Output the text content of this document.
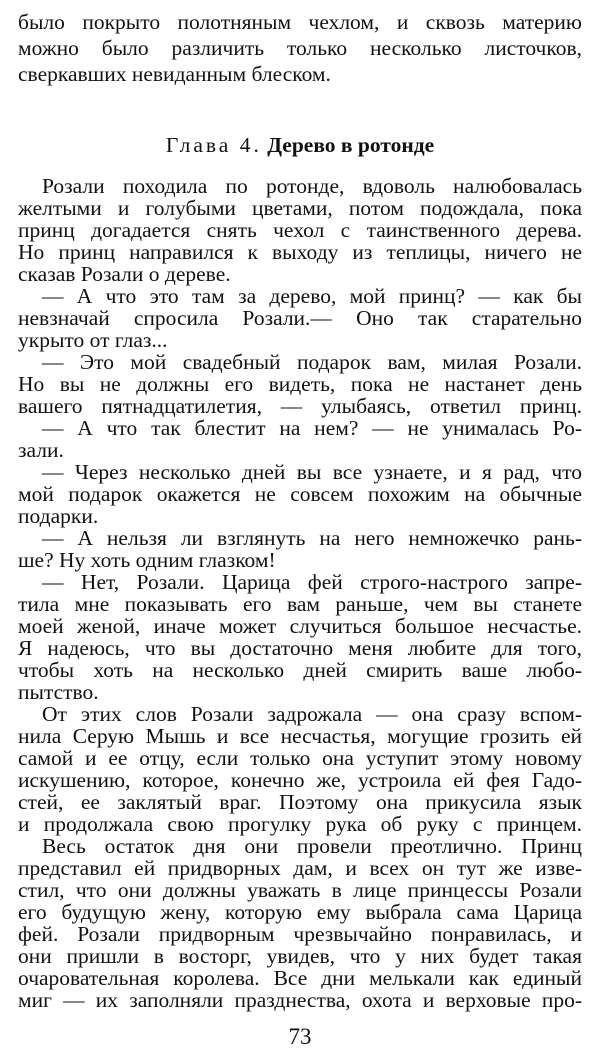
было покрыто полотняным чехлом, и сквозь материю
можно было различить только несколько листочков,
сверкавших невиданным блеском.
Глава 4. Дерево в ротонде
Розали походила по ротонде, вдоволь налюбовалась
желтыми и голубыми цветами, потом подождала, пока
принц догадается снять чехол с таинственного дерева.
Но принц направился к выходу из теплицы, ничего не
сказав Розали о дереве.
— А что это там за дерево, мой принц? — как бы
невзначай спросила Розали.— Оно так старательно
укрыто от глаз...
— Это мой свадебный подарок вам, милая Розали.
Но вы не должны его видеть, пока не настанет день
вашего пятнадцатилетия, — улыбаясь, ответил принц.
— А что так блестит на нем? — не унималась Ро-
зали.
— Через несколько дней вы все узнаете, и я рад, что
мой подарок окажется не совсем похожим на обычные
подарки.
— А нельзя ли взглянуть на него немножечко рань-
ше? Ну хоть одним глазком!
— Нет, Розали. Царица фей строго-настрого запре-
тила мне показывать его вам раньше, чем вы станете
моей женой, иначе может случиться большое несчастье.
Я надеюсь, что вы достаточно меня любите для того,
чтобы хоть на несколько дней смирить ваше любо-
пытство.
От этих слов Розали задрожала — она сразу вспом-
нила Серую Мышь и все несчастья, могущие грозить ей
самой и ее отцу, если только она уступит этому новому
искушению, которое, конечно же, устроила ей фея Гадо-
стей, ее заклятый враг. Поэтому она прикусила язык
и продолжала свою прогулку рука об руку с принцем.
Весь остаток дня они провели преотлично. Принц
представил ей придворных дам, и всех он тут же изве-
стил, что они должны уважать в лице принцессы Розали
его будущую жену, которую ему выбрала сама Царица
фей. Розали придворным чрезвычайно понравилась, и
они пришли в восторг, увидев, что у них будет такая
очаровательная королева. Все дни мелькали как единый
миг — их заполняли празднества, охота и верховые про-
73
